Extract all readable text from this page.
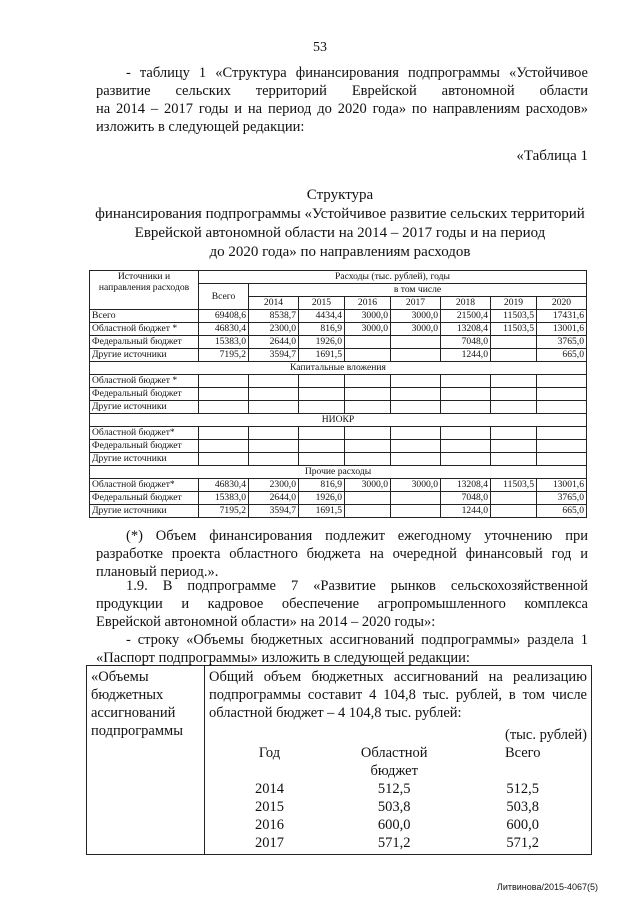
53
- таблицу 1 «Структура финансирования подпрограммы «Устойчивое
развитие сельских территорий Еврейской автономной области
на 2014 – 2017 годы и на период до 2020 года» по направлениям расходов»
изложить в следующей редакции:
«Таблица 1
Структура
финансирования подпрограммы «Устойчивое развитие сельских территорий
Еврейской автономной области на 2014 – 2017 годы и на период
до 2020 года» по направлениям расходов
Источники и направления расходов	Расходы (тыс. рублей), годы							
	Всего	в том числе						
		2014	2015	2016	2017	2018	2019	2020
Всего	69408,6	8538,7	4434,4	3000,0	3000,0	21500,4	11503,5	17431,6
Областной бюджет *	46830,4	2300,0	816,9	3000,0	3000,0	13208,4	11503,5	13001,6
Федеральный бюджет	15383,0	2644,0	1926,0			7048,0		3765,0
Другие источники	7195,2	3594,7	1691,5			1244,0		665,0
Капитальные вложения								
Областной бюджет *								
Федеральный бюджет								
Другие источники								
НИОКР								
Областной бюджет*								
Федеральный бюджет								
Другие источники								
Прочие расходы								
Областной бюджет*	46830,4	2300,0	816,9	3000,0	3000,0	13208,4	11503,5	13001,6
Федеральный бюджет	15383,0	2644,0	1926,0			7048,0		3765,0
Другие источники	7195,2	3594,7	1691,5			1244,0		665,0
(*) Объем финансирования подлежит ежегодному уточнению при
разработке проекта областного бюджета на очередной финансовый год и
плановый период.».
1.9. В подпрограмме 7 «Развитие рынков сельскохозяйственной
продукции и кадровое обеспечение агропромышленного комплекса
Еврейской автономной области» на 2014 – 2020 годы»:
- строку «Объемы бюджетных ассигнований подпрограммы» раздела 1
«Паспорт подпрограммы» изложить в следующей редакции:
«Объемы
бюджетных
ассигнований
подпрограммы

Общий объем бюджетных ассигнований на реализацию
подпрограммы составит 4 104,8 тыс. рублей, в том числе
областной бюджет – 4 104,8 тыс. рублей:
(тыс. рублей)
Год	Областной	Всего
	бюджет	
2014	512,5	512,5
2015	503,8	503,8
2016	600,0	600,0
2017	571,2	571,2
Литвинова/2015-4067(5)
